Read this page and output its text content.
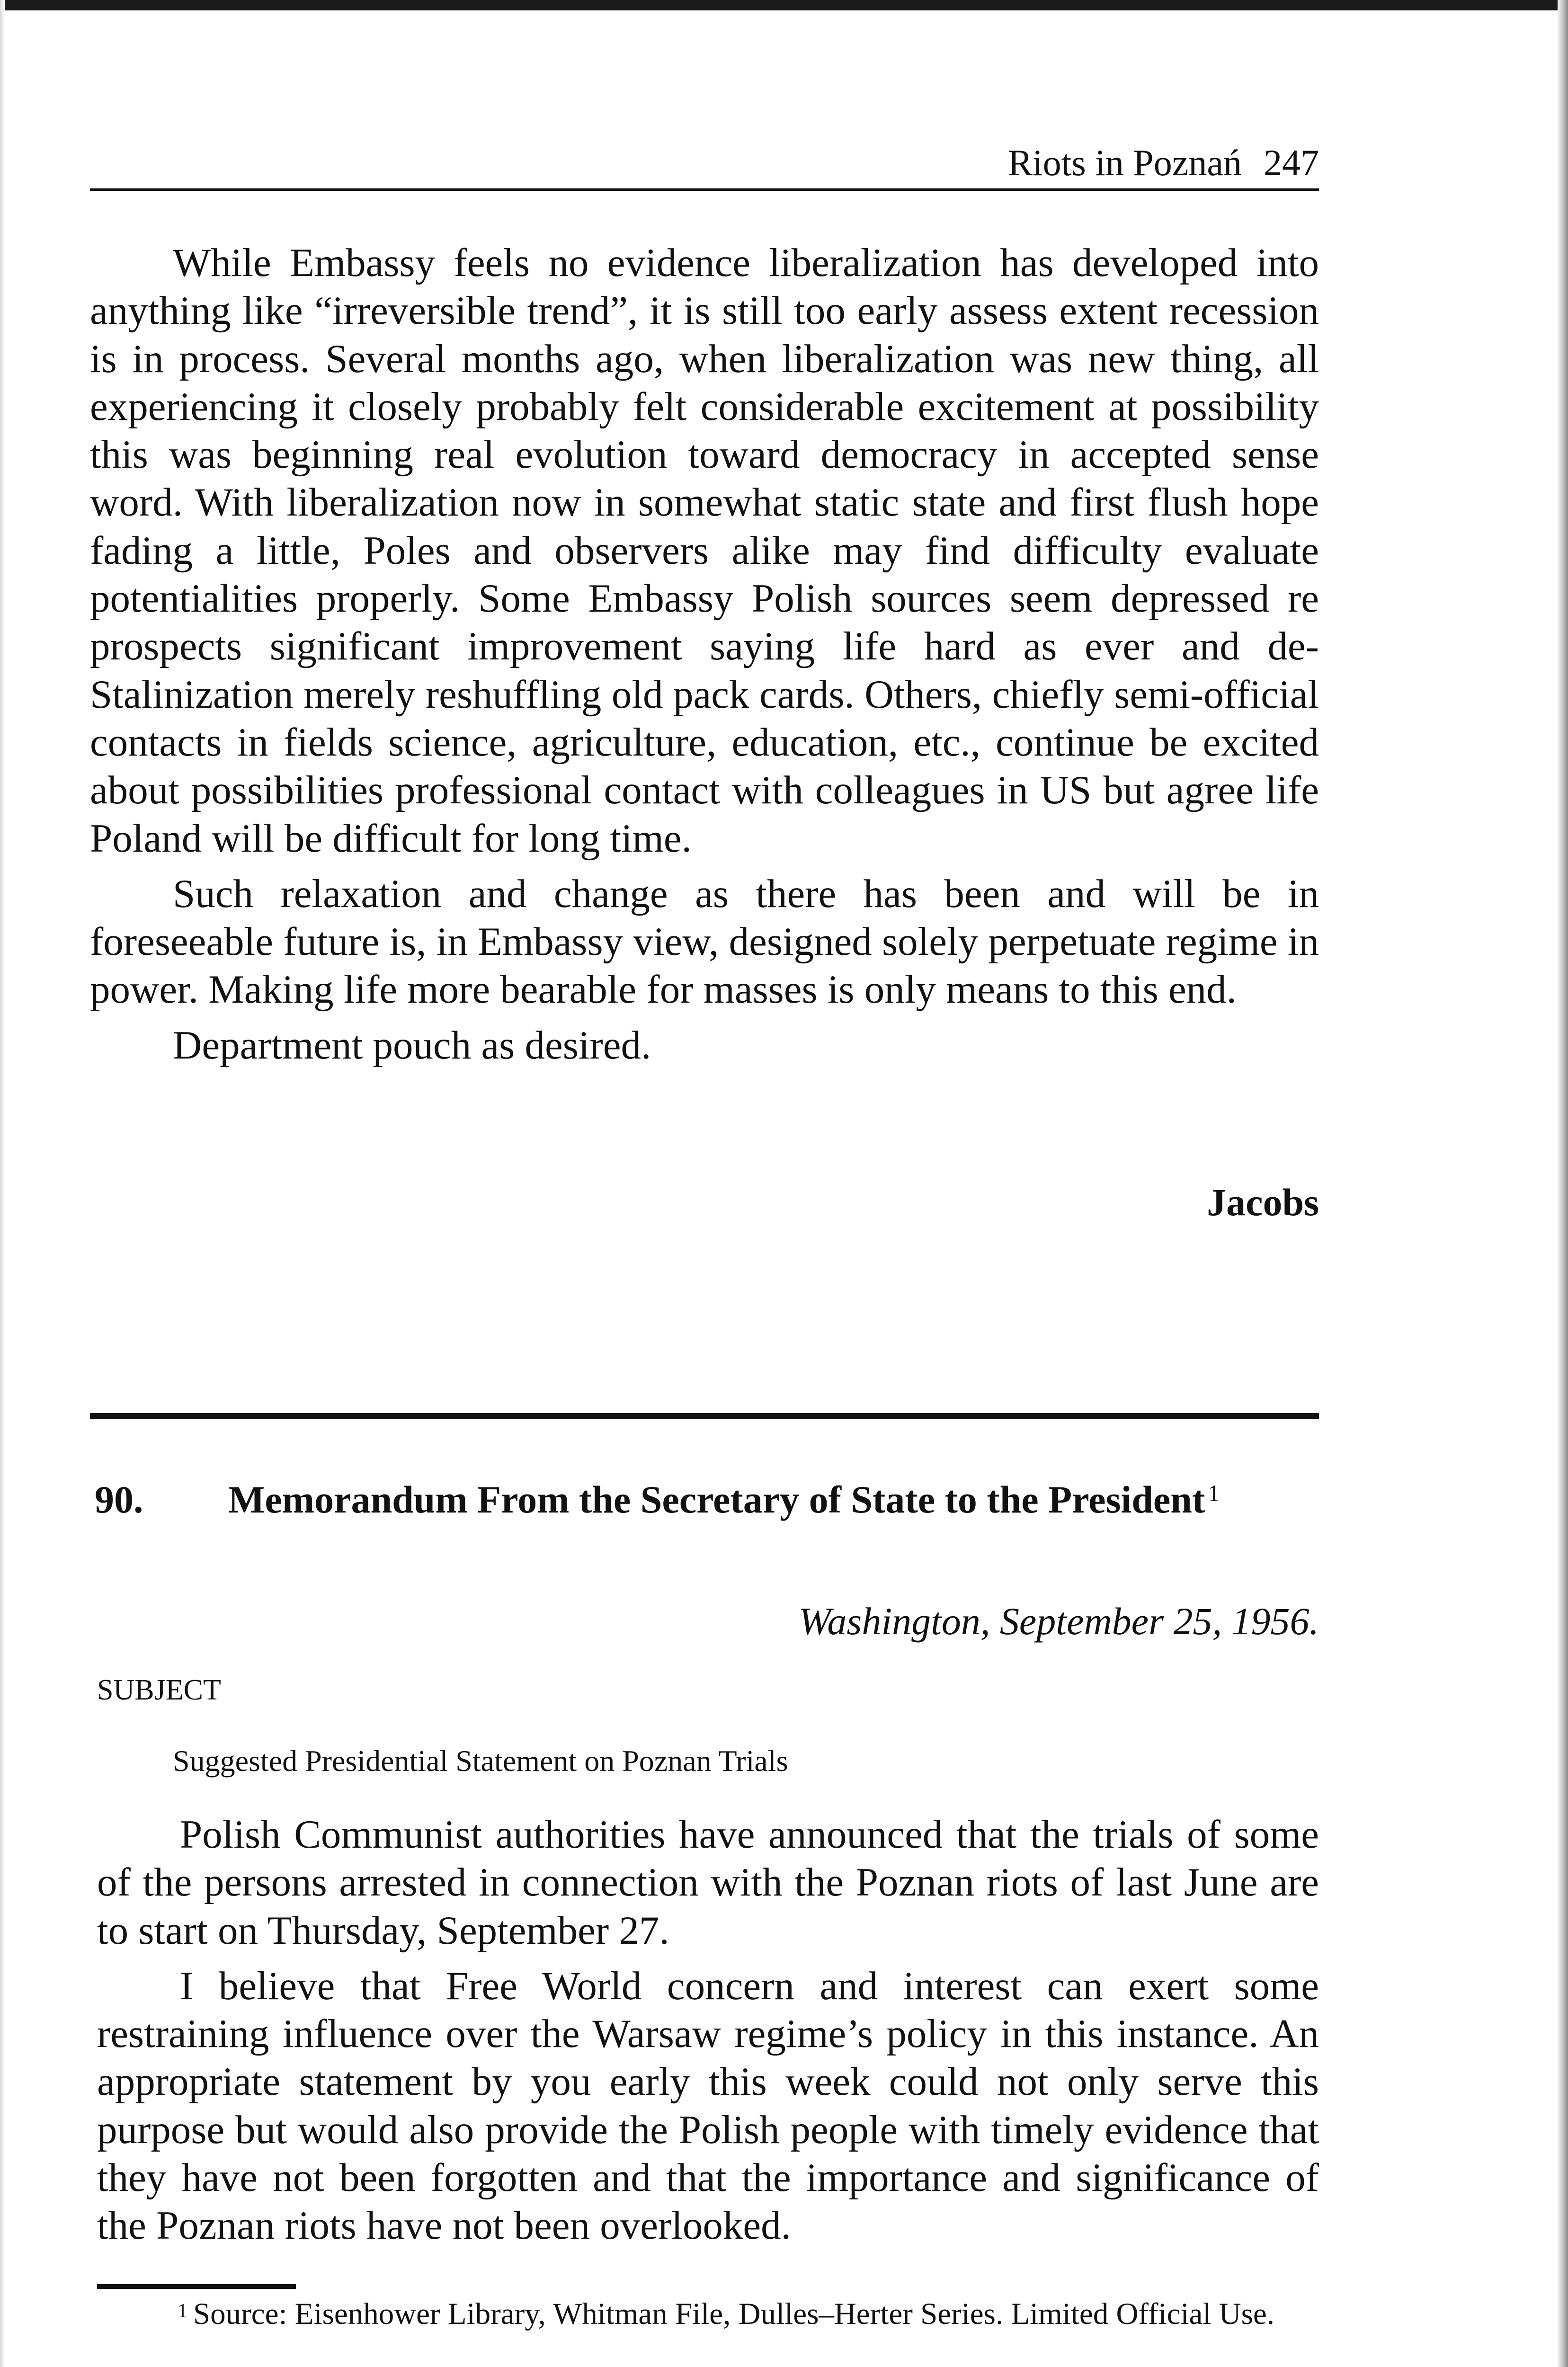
Riots in Poznań 247

While Embassy feels no evidence liberalization has developed into anything like “irreversible trend”, it is still too early assess extent recession is in process. Several months ago, when liberalization was new thing, all experiencing it closely probably felt considerable excitement at possibility this was beginning real evolution toward democracy in accepted sense word. With liberalization now in somewhat static state and first flush hope fading a little, Poles and observers alike may find difficulty evaluate potentialities properly. Some Embassy Polish sources seem depressed re prospects significant improvement saying life hard as ever and de-Stalinization merely reshuffling old pack cards. Others, chiefly semi-official contacts in fields science, agriculture, education, etc., continue be excited about possibilities professional contact with colleagues in US but agree life Poland will be difficult for long time.

Such relaxation and change as there has been and will be in foreseeable future is, in Embassy view, designed solely perpetuate regime in power. Making life more bearable for masses is only means to this end.

Department pouch as desired.

Jacobs
90. Memorandum From the Secretary of State to the President $^1$
Washington, September 25, 1956.
SUBJECT
Suggested Presidential Statement on Poznan Trials

Polish Communist authorities have announced that the trials of some of the persons arrested in connection with the Poznan riots of last June are to start on Thursday, September 27.

I believe that Free World concern and interest can exert some restraining influence over the Warsaw regime’s policy in this instance. An appropriate statement by you early this week could not only serve this purpose but would also provide the Polish people with timely evidence that they have not been forgotten and that the importance and significance of the Poznan riots have not been overlooked.

$^1$ Source: Eisenhower Library, Whitman File, Dulles–Herter Series. Limited Official Use.
